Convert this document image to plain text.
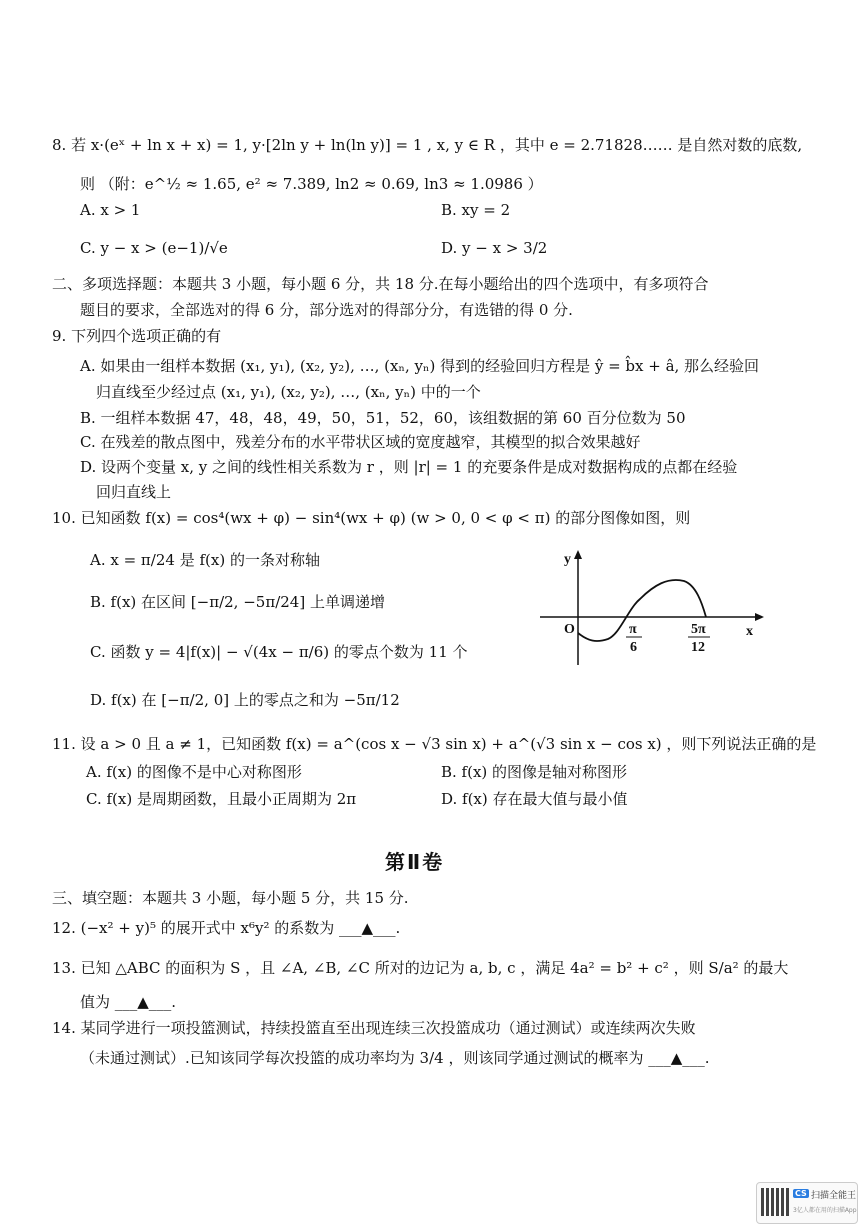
8. 若 x·(eˣ + ln x + x) = 1, y·[2ln y + ln(ln y)] = 1 , x, y ∈ R ，其中 e = 2.71828…… 是自然对数的底数,
则 （附：e^½ ≈ 1.65, e² ≈ 7.389, ln2 ≈ 0.69, ln3 ≈ 1.0986 ）
A. x > 1	B. xy = 2
C. y − x > (e−1)/√e	D. y − x > 3/2
二、多项选择题：本题共 3 小题，每小题 6 分，共 18 分.在每小题给出的四个选项中，有多项符合
题目的要求，全部选对的得 6 分，部分选对的得部分分，有选错的得 0 分.
9. 下列四个选项正确的有
A. 如果由一组样本数据 (x₁, y₁), (x₂, y₂), …, (xₙ, yₙ) 得到的经验回归方程是 ŷ = b̂x + â, 那么经验回
归直线至少经过点 (x₁, y₁), (x₂, y₂), …, (xₙ, yₙ) 中的一个
B. 一组样本数据 47，48，48，49，50，51，52，60，该组数据的第 60 百分位数为 50
C. 在残差的散点图中，残差分布的水平带状区域的宽度越窄，其模型的拟合效果越好
D. 设两个变量 x, y 之间的线性相关系数为 r ，则 |r| = 1 的充要条件是成对数据构成的点都在经验
回归直线上
10. 已知函数 f(x) = cos⁴(wx + φ) − sin⁴(wx + φ) (w > 0, 0 < φ < π) 的部分图像如图，则
A. x = π/24 是 f(x) 的一条对称轴
B. f(x) 在区间 [−π/2, −5π/24] 上单调递增
C. 函数 y = 4|f(x)| − √(4x − π/6) 的零点个数为 11 个
D. f(x) 在 [−π/2, 0] 上的零点之和为 −5π/12
y
x
O	π
6
5π
12
11. 设 a > 0 且 a ≠ 1，已知函数 f(x) = a^(cos x − √3 sin x) + a^(√3 sin x − cos x) ，则下列说法正确的是
A. f(x) 的图像不是中心对称图形	B. f(x) 的图像是轴对称图形
C. f(x) 是周期函数，且最小正周期为 2π	D. f(x) 存在最大值与最小值
第Ⅱ卷
三、填空题：本题共 3 小题，每小题 5 分，共 15 分.
12. (−x² + y)⁵ 的展开式中 x⁶y² 的系数为 ___▲___.
13. 已知 △ABC 的面积为 S ，且 ∠A, ∠B, ∠C 所对的边记为 a, b, c ，满足 4a² = b² + c² ，则 S/a² 的最大
值为 ___▲___.
14. 某同学进行一项投篮测试，持续投篮直至出现连续三次投篮成功（通过测试）或连续两次失败
（未通过测试）.已知该同学每次投篮的成功率均为 3/4 ，则该同学通过测试的概率为 ___▲___.
CS 扫描全能王
3亿人都在用的扫描App
